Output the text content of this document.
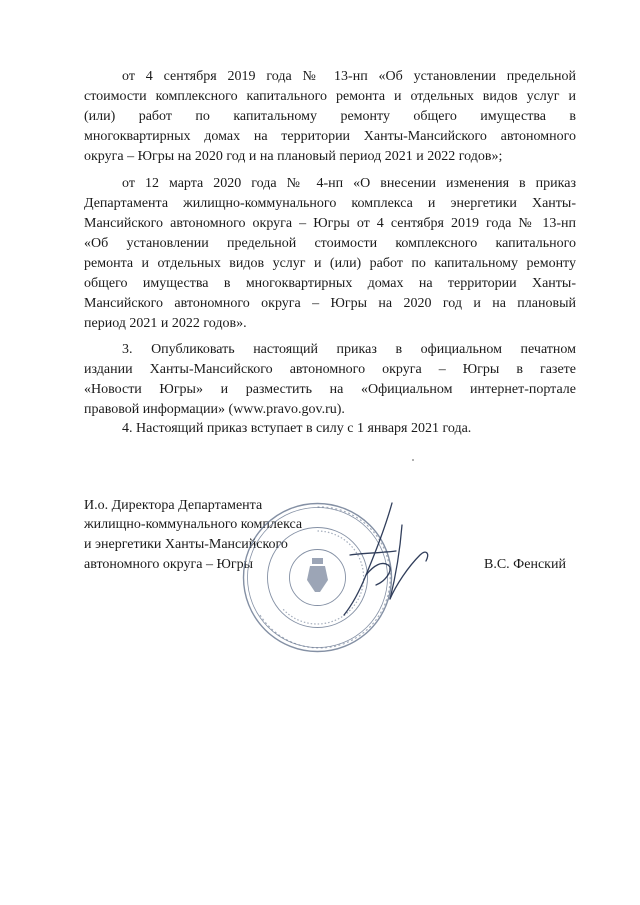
от 4 сентября 2019 года № 13-нп «Об установлении предельной
стоимости комплексного капитального ремонта и отдельных видов услуг и
(или) работ по капитальному ремонту общего имущества в
многоквартирных домах на территории Ханты-Мансийского автономного
округа – Югры на 2020 год и на плановый период 2021 и 2022 годов»;
от 12 марта 2020 года № 4-нп «О внесении изменения в приказ
Департамента жилищно-коммунального комплекса и энергетики Ханты-
Мансийского автономного округа – Югры от 4 сентября 2019 года № 13-нп
«Об установлении предельной стоимости комплексного капитального
ремонта и отдельных видов услуг и (или) работ по капитальному ремонту
общего имущества в многоквартирных домах на территории Ханты-
Мансийского автономного округа – Югры на 2020 год и на плановый
период 2021 и 2022 годов».
3. Опубликовать настоящий приказ в официальном печатном
издании Ханты-Мансийского автономного округа – Югры в газете
«Новости Югры» и разместить на «Официальном интернет-портале
правовой информации» (www.pravo.gov.ru).
4. Настоящий приказ вступает в силу с 1 января 2021 года.
И.о. Директора Департамента
жилищно-коммунального комплекса
и энергетики Ханты-Мансийского
автономного округа – Югры	В.С. Фенский
